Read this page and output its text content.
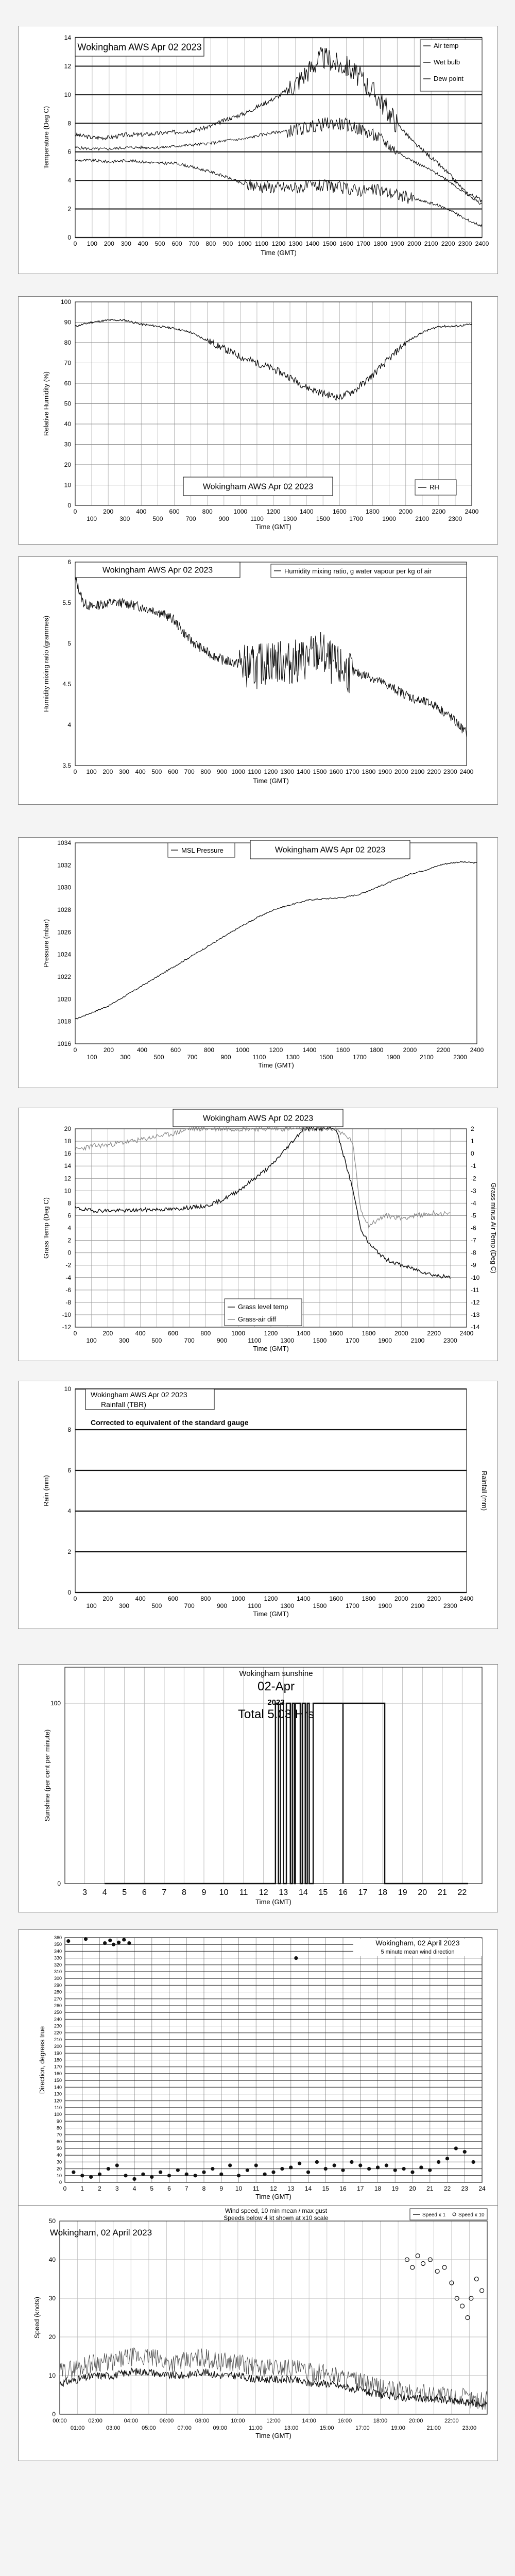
0
2
4
6
8
10
12
14
0 100 200 300 400 500 600 700 800 900 1000 1100 1200 1300 1400 1500 1600 1700 1800 1900 2000 2100 2200 2300 2400
Time (GMT)
Temperature (Deg C)
Wokingham AWS Apr 02 2023	Air temp
Wet bulb
Dew point
0
10
20
30
40
50
60
70
80
90
100
0
100
200
300
400
500
600
700
800
900
1000
1100
1200
1300
1400
1500
1600
1700
1800
1900
2000
2100
2200
2300
2400
Time (GMT)
Relative Humidity (%)
Wokingham AWS Apr 02 2023	RH
3.5
4
4.5
5
5.5
6
0 100 200 300 400 500 600 700 800 900 1000 1100 1200 1300 1400 1500 1600 1700 1800 1900 2000 2100 2200 2300 2400
Time (GMT)
Humidity mixing ratio (grammes)
Wokingham AWS Apr 02 2023	Humidity mixing ratio, g water vapour per kg of air
1016
1018
1020
1022
1024
1026
1028
1030
1032
1034
0
100
200
300
400
500
600
700
800
900
1000
1100
1200
1300
1400
1500
1600
1700
1800
1900
2000
2100
2200
2300
2400
Time (GMT)
Pressure (mbar)
MSL Pressure	Wokingham AWS Apr 02 2023
-12
-10
-8
-6
-4
-2
0
2
4
6
8
10
12
14
16
18
20
0
100
200
300
400
500
600
700
800
900
1000
1100
1200
1300
1400
1500
1600
1700
1800
1900
2000
2100
2200
2300
2400
Time (GMT)
Grass Temp (Deg C)
-14
-13
-12
-11
-10
-9
-8
-7
-6
-5
-4
-3
-2
-1
0
1
2
Grass minus Air Temp (Deg C)
Wokingham AWS Apr 02 2023
Grass level temp
Grass-air diff
0
2
4
6
8
10
0
100
200
300
400
500
600
700
800
900
1000
1100
1200
1300
1400
1500
1600
1700
1800
1900
2000
2100
2200
2300
2400
Time (GMT)
Rain (mm)	Rainfall (mm)
Wokingham AWS Apr 02 2023
Rainfall (TBR)
Corrected to equivalent of the standard gauge
0
100
3 4 5 6 7 8 9 10 11 12 13 14 15 16 17 18 19 20 21 22
Time (GMT)
Sunshine (per cent per minute)
Wokingham sunshine
02-Apr
2023
Total 5.03 Hrs
0
10
20
30
40
50
60
70
80
90
100
110
120
130
140
150
160
170
180
190
200
210
220
230
240
250
260
270
280
290
300
310
320
330
340
350
360
0 1 2 3 4 5 6 7 8 9 10 11 12 13 14 15 16 17 18 19 20 21 22 23 24
Time (GMT)
Direction, degrees true
Wokingham, 02 April 2023
5 minute mean wind direction
0
10
20
30
40
50
00:00	02:00	04:00	06:00	08:00	10:00	12:00	14:00	16:00	18:00	20:00	22:00
01:00	03:00	05:00	07:00	09:00	11:00	13:00	15:00	17:00	19:00	21:00	23:00
Time (GMT)
Speed (knots)
Wind speed, 10 min mean / max gust
Speeds below 4 kt shown at x10 scale
Wokingham, 02 April 2023
Speed x 1 Speed x 10
